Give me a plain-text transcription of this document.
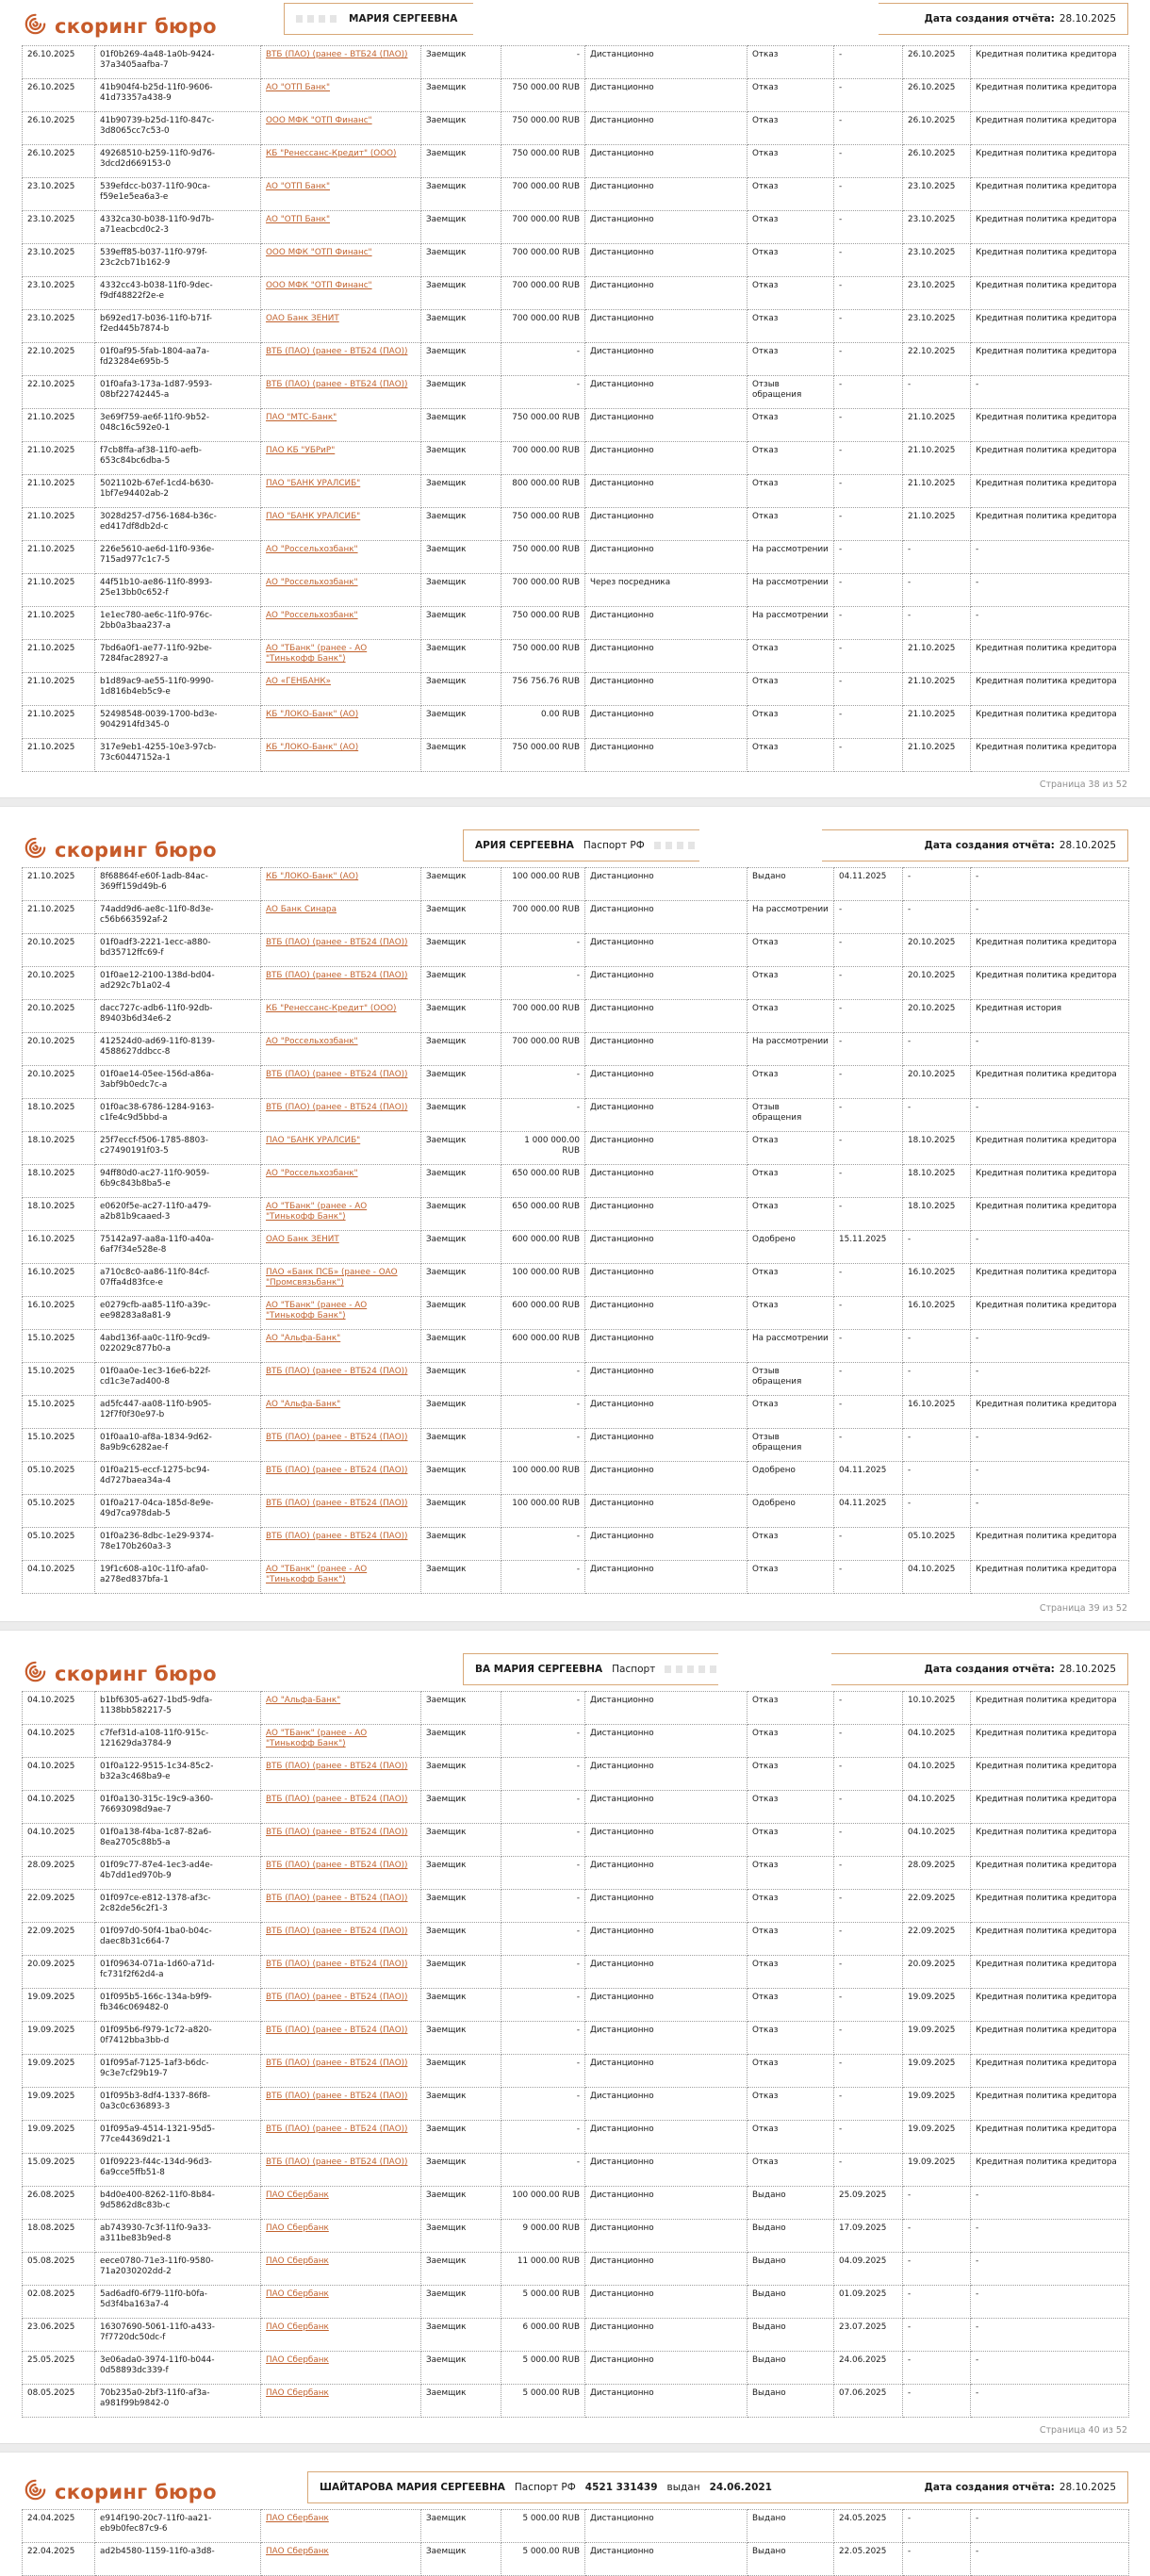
скоринг бюро	МАРИЯ СЕРГЕЕВНА	Дата создания отчёта: 28.10.2025
26.10.2025	01f0b269-4a48-1a0b-9424-37a3405aafba-7	ВТБ (ПАО) (ранее - ВТБ24 (ПАО))	Заемщик	-	Дистанционно	Отказ	-	26.10.2025	Кредитная политика кредитора
26.10.2025	41b904f4-b25d-11f0-9606-41d73357a438-9	АО "ОТП Банк"	Заемщик	750 000.00 RUB	Дистанционно	Отказ	-	26.10.2025	Кредитная политика кредитора
26.10.2025	41b90739-b25d-11f0-847c-3d8065cc7c53-0	ООО МФК "ОТП Финанс"	Заемщик	750 000.00 RUB	Дистанционно	Отказ	-	26.10.2025	Кредитная политика кредитора
26.10.2025	49268510-b259-11f0-9d76-3dcd2d669153-0	КБ "Ренессанс-Кредит" (ООО)	Заемщик	750 000.00 RUB	Дистанционно	Отказ	-	26.10.2025	Кредитная политика кредитора
23.10.2025	539efdcc-b037-11f0-90ca-f59e1e5ea6a3-e	АО "ОТП Банк"	Заемщик	700 000.00 RUB	Дистанционно	Отказ	-	23.10.2025	Кредитная политика кредитора
23.10.2025	4332ca30-b038-11f0-9d7b-a71eacbcd0c2-3	АО "ОТП Банк"	Заемщик	700 000.00 RUB	Дистанционно	Отказ	-	23.10.2025	Кредитная политика кредитора
23.10.2025	539eff85-b037-11f0-979f-23c2cb71b162-9	ООО МФК "ОТП Финанс"	Заемщик	700 000.00 RUB	Дистанционно	Отказ	-	23.10.2025	Кредитная политика кредитора
23.10.2025	4332cc43-b038-11f0-9dec-f9df48822f2e-e	ООО МФК "ОТП Финанс"	Заемщик	700 000.00 RUB	Дистанционно	Отказ	-	23.10.2025	Кредитная политика кредитора
23.10.2025	b692ed17-b036-11f0-b71f-f2ed445b7874-b	ОАО Банк ЗЕНИТ	Заемщик	700 000.00 RUB	Дистанционно	Отказ	-	23.10.2025	Кредитная политика кредитора
22.10.2025	01f0af95-5fab-1804-aa7a-fd23284e695b-5	ВТБ (ПАО) (ранее - ВТБ24 (ПАО))	Заемщик	-	Дистанционно	Отказ	-	22.10.2025	Кредитная политика кредитора
22.10.2025	01f0afa3-173a-1d87-9593-08bf22742445-a	ВТБ (ПАО) (ранее - ВТБ24 (ПАО))	Заемщик	-	Дистанционно	Отзыв обращения	-	-	-
21.10.2025	3e69f759-ae6f-11f0-9b52-048c16c592e0-1	ПАО "МТС-Банк"	Заемщик	750 000.00 RUB	Дистанционно	Отказ	-	21.10.2025	Кредитная политика кредитора
21.10.2025	f7cb8ffa-af38-11f0-aefb-653c84bc6dba-5	ПАО КБ "УБРиР"	Заемщик	700 000.00 RUB	Дистанционно	Отказ	-	21.10.2025	Кредитная политика кредитора
21.10.2025	5021102b-67ef-1cd4-b630-1bf7e94402ab-2	ПАО "БАНК УРАЛСИБ"	Заемщик	800 000.00 RUB	Дистанционно	Отказ	-	21.10.2025	Кредитная политика кредитора
21.10.2025	3028d257-d756-1684-b36c-ed417df8db2d-c	ПАО "БАНК УРАЛСИБ"	Заемщик	750 000.00 RUB	Дистанционно	Отказ	-	21.10.2025	Кредитная политика кредитора
21.10.2025	226e5610-ae6d-11f0-936e-715ad977c1c7-5	АО "Россельхозбанк"	Заемщик	750 000.00 RUB	Дистанционно	На рассмотрении	-	-	-
21.10.2025	44f51b10-ae86-11f0-8993-25e13bb0c652-f	АО "Россельхозбанк"	Заемщик	700 000.00 RUB	Через посредника	На рассмотрении	-	-	-
21.10.2025	1e1ec780-ae6c-11f0-976c-2bb0a3baa237-a	АО "Россельхозбанк"	Заемщик	750 000.00 RUB	Дистанционно	На рассмотрении	-	-	-
21.10.2025	7bd6a0f1-ae77-11f0-92be-7284fac28927-a	АО "ТБанк" (ранее - АО "Тинькофф Банк")	Заемщик	750 000.00 RUB	Дистанционно	Отказ	-	21.10.2025	Кредитная политика кредитора
21.10.2025	b1d89ac9-ae55-11f0-9990-1d816b4eb5c9-e	АО «ГЕНБАНК»	Заемщик	756 756.76 RUB	Дистанционно	Отказ	-	21.10.2025	Кредитная политика кредитора
21.10.2025	52498548-0039-1700-bd3e-9042914fd345-0	КБ "ЛОКО-Банк" (АО)	Заемщик	0.00 RUB	Дистанционно	Отказ	-	21.10.2025	Кредитная политика кредитора
21.10.2025	317e9eb1-4255-10e3-97cb-73c60447152a-1	КБ "ЛОКО-Банк" (АО)	Заемщик	750 000.00 RUB	Дистанционно	Отказ	-	21.10.2025	Кредитная политика кредитора
Страница 38 из 52
скоринг бюро	АРИЯ СЕРГЕЕВНА Паспорт РФ	Дата создания отчёта: 28.10.2025
21.10.2025	8f68864f-e60f-1adb-84ac-369ff159d49b-6	КБ "ЛОКО-Банк" (АО)	Заемщик	100 000.00 RUB	Дистанционно	Выдано	04.11.2025	-	-
21.10.2025	74add9d6-ae8c-11f0-8d3e-c56b663592af-2	АО Банк Синара	Заемщик	700 000.00 RUB	Дистанционно	На рассмотрении	-	-	-
20.10.2025	01f0adf3-2221-1ecc-a880-bd35712ffc69-f	ВТБ (ПАО) (ранее - ВТБ24 (ПАО))	Заемщик	-	Дистанционно	Отказ	-	20.10.2025	Кредитная политика кредитора
20.10.2025	01f0ae12-2100-138d-bd04-ad292c7b1a02-4	ВТБ (ПАО) (ранее - ВТБ24 (ПАО))	Заемщик	-	Дистанционно	Отказ	-	20.10.2025	Кредитная политика кредитора
20.10.2025	dacc727c-adb6-11f0-92db-89403b6d34e6-2	КБ "Ренессанс-Кредит" (ООО)	Заемщик	700 000.00 RUB	Дистанционно	Отказ	-	20.10.2025	Кредитная история
20.10.2025	412524d0-ad69-11f0-8139-4588627ddbcc-8	АО "Россельхозбанк"	Заемщик	700 000.00 RUB	Дистанционно	На рассмотрении	-	-	-
20.10.2025	01f0ae14-05ee-156d-a86a-3abf9b0edc7c-a	ВТБ (ПАО) (ранее - ВТБ24 (ПАО))	Заемщик	-	Дистанционно	Отказ	-	20.10.2025	Кредитная политика кредитора
18.10.2025	01f0ac38-6786-1284-9163-c1fe4c9d5bbd-a	ВТБ (ПАО) (ранее - ВТБ24 (ПАО))	Заемщик	-	Дистанционно	Отзыв обращения	-	-	-
18.10.2025	25f7eccf-f506-1785-8803-c27490191f03-5	ПАО "БАНК УРАЛСИБ"	Заемщик	1 000 000.00 RUB	Дистанционно	Отказ	-	18.10.2025	Кредитная политика кредитора
18.10.2025	94ff80d0-ac27-11f0-9059-6b9c843b8ba5-e	АО "Россельхозбанк"	Заемщик	650 000.00 RUB	Дистанционно	Отказ	-	18.10.2025	Кредитная политика кредитора
18.10.2025	e0620f5e-ac27-11f0-a479-a2b81b9caaed-3	АО "ТБанк" (ранее - АО "Тинькофф Банк")	Заемщик	650 000.00 RUB	Дистанционно	Отказ	-	18.10.2025	Кредитная политика кредитора
16.10.2025	75142a97-aa8a-11f0-a40a-6af7f34e528e-8	ОАО Банк ЗЕНИТ	Заемщик	600 000.00 RUB	Дистанционно	Одобрено	15.11.2025	-	-
16.10.2025	a710c8c0-aa86-11f0-84cf-07ffa4d83fce-e	ПАО «Банк ПСБ» (ранее - ОАО "Промсвязьбанк")	Заемщик	100 000.00 RUB	Дистанционно	Отказ	-	16.10.2025	Кредитная политика кредитора
16.10.2025	e0279cfb-aa85-11f0-a39c-ee98283a8a81-9	АО "ТБанк" (ранее - АО "Тинькофф Банк")	Заемщик	600 000.00 RUB	Дистанционно	Отказ	-	16.10.2025	Кредитная политика кредитора
15.10.2025	4abd136f-aa0c-11f0-9cd9-022029c877b0-a	АО "Альфа-Банк"	Заемщик	600 000.00 RUB	Дистанционно	На рассмотрении	-	-	-
15.10.2025	01f0aa0e-1ec3-16e6-b22f-cd1c3e7ad400-8	ВТБ (ПАО) (ранее - ВТБ24 (ПАО))	Заемщик	-	Дистанционно	Отзыв обращения	-	-	-
15.10.2025	ad5fc447-aa08-11f0-b905-12f7f0f30e97-b	АО "Альфа-Банк"	Заемщик	-	Дистанционно	Отказ	-	16.10.2025	Кредитная политика кредитора
15.10.2025	01f0aa10-af8a-1834-9d62-8a9b9c6282ae-f	ВТБ (ПАО) (ранее - ВТБ24 (ПАО))	Заемщик	-	Дистанционно	Отзыв обращения	-	-	-
05.10.2025	01f0a215-eccf-1275-bc94-4d727baea34a-4	ВТБ (ПАО) (ранее - ВТБ24 (ПАО))	Заемщик	100 000.00 RUB	Дистанционно	Одобрено	04.11.2025	-	-
05.10.2025	01f0a217-04ca-185d-8e9e-49d7ca978dab-5	ВТБ (ПАО) (ранее - ВТБ24 (ПАО))	Заемщик	100 000.00 RUB	Дистанционно	Одобрено	04.11.2025	-	-
05.10.2025	01f0a236-8dbc-1e29-9374-78e170b260a3-3	ВТБ (ПАО) (ранее - ВТБ24 (ПАО))	Заемщик	-	Дистанционно	Отказ	-	05.10.2025	Кредитная политика кредитора
04.10.2025	19f1c608-a10c-11f0-afa0-a278ed837bfa-1	АО "ТБанк" (ранее - АО "Тинькофф Банк")	Заемщик	-	Дистанционно	Отказ	-	04.10.2025	Кредитная политика кредитора
Страница 39 из 52
скоринг бюро	ВА МАРИЯ СЕРГЕЕВНА Паспорт	Дата создания отчёта: 28.10.2025
04.10.2025	b1bf6305-a627-1bd5-9dfa-1138bb582217-5	АО "Альфа-Банк"	Заемщик	-	Дистанционно	Отказ	-	10.10.2025	Кредитная политика кредитора
04.10.2025	c7fef31d-a108-11f0-915c-121629da3784-9	АО "ТБанк" (ранее - АО "Тинькофф Банк")	Заемщик	-	Дистанционно	Отказ	-	04.10.2025	Кредитная политика кредитора
04.10.2025	01f0a122-9515-1c34-85c2-b32a3c468ba9-e	ВТБ (ПАО) (ранее - ВТБ24 (ПАО))	Заемщик	-	Дистанционно	Отказ	-	04.10.2025	Кредитная политика кредитора
04.10.2025	01f0a130-315c-19c9-a360-76693098d9ae-7	ВТБ (ПАО) (ранее - ВТБ24 (ПАО))	Заемщик	-	Дистанционно	Отказ	-	04.10.2025	Кредитная политика кредитора
04.10.2025	01f0a138-f4ba-1c87-82a6-8ea2705c88b5-a	ВТБ (ПАО) (ранее - ВТБ24 (ПАО))	Заемщик	-	Дистанционно	Отказ	-	04.10.2025	Кредитная политика кредитора
28.09.2025	01f09c77-87e4-1ec3-ad4e-4b7dd1ed970b-9	ВТБ (ПАО) (ранее - ВТБ24 (ПАО))	Заемщик	-	Дистанционно	Отказ	-	28.09.2025	Кредитная политика кредитора
22.09.2025	01f097ce-e812-1378-af3c-2c82de56c2f1-3	ВТБ (ПАО) (ранее - ВТБ24 (ПАО))	Заемщик	-	Дистанционно	Отказ	-	22.09.2025	Кредитная политика кредитора
22.09.2025	01f097d0-50f4-1ba0-b04c-daec8b31c664-7	ВТБ (ПАО) (ранее - ВТБ24 (ПАО))	Заемщик	-	Дистанционно	Отказ	-	22.09.2025	Кредитная политика кредитора
20.09.2025	01f09634-071a-1d60-a71d-fc731f2f62d4-a	ВТБ (ПАО) (ранее - ВТБ24 (ПАО))	Заемщик	-	Дистанционно	Отказ	-	20.09.2025	Кредитная политика кредитора
19.09.2025	01f095b5-166c-134a-b9f9-fb346c069482-0	ВТБ (ПАО) (ранее - ВТБ24 (ПАО))	Заемщик	-	Дистанционно	Отказ	-	19.09.2025	Кредитная политика кредитора
19.09.2025	01f095b6-f979-1c72-a820-0f7412bba3bb-d	ВТБ (ПАО) (ранее - ВТБ24 (ПАО))	Заемщик	-	Дистанционно	Отказ	-	19.09.2025	Кредитная политика кредитора
19.09.2025	01f095af-7125-1af3-b6dc-9c3e7cf29b19-7	ВТБ (ПАО) (ранее - ВТБ24 (ПАО))	Заемщик	-	Дистанционно	Отказ	-	19.09.2025	Кредитная политика кредитора
19.09.2025	01f095b3-8df4-1337-86f8-0a3c0c636893-3	ВТБ (ПАО) (ранее - ВТБ24 (ПАО))	Заемщик	-	Дистанционно	Отказ	-	19.09.2025	Кредитная политика кредитора
19.09.2025	01f095a9-4514-1321-95d5-77ce44369d21-1	ВТБ (ПАО) (ранее - ВТБ24 (ПАО))	Заемщик	-	Дистанционно	Отказ	-	19.09.2025	Кредитная политика кредитора
15.09.2025	01f09223-f44c-134d-96d3-6a9cce5ffb51-8	ВТБ (ПАО) (ранее - ВТБ24 (ПАО))	Заемщик	-	Дистанционно	Отказ	-	19.09.2025	Кредитная политика кредитора
26.08.2025	b4d0e400-8262-11f0-8b84-9d5862d8c83b-c	ПАО Сбербанк	Заемщик	100 000.00 RUB	Дистанционно	Выдано	25.09.2025	-	-
18.08.2025	ab743930-7c3f-11f0-9a33-a311be83b9ed-8	ПАО Сбербанк	Заемщик	9 000.00 RUB	Дистанционно	Выдано	17.09.2025	-	-
05.08.2025	eece0780-71e3-11f0-9580-71a2030202dd-2	ПАО Сбербанк	Заемщик	11 000.00 RUB	Дистанционно	Выдано	04.09.2025	-	-
02.08.2025	5ad6adf0-6f79-11f0-b0fa-5d3f4ba163a7-4	ПАО Сбербанк	Заемщик	5 000.00 RUB	Дистанционно	Выдано	01.09.2025	-	-
23.06.2025	16307690-5061-11f0-a433-7f7720dc50dc-f	ПАО Сбербанк	Заемщик	6 000.00 RUB	Дистанционно	Выдано	23.07.2025	-	-
25.05.2025	3e06ada0-3974-11f0-b044-0d58893dc339-f	ПАО Сбербанк	Заемщик	5 000.00 RUB	Дистанционно	Выдано	24.06.2025	-	-
08.05.2025	70b235a0-2bf3-11f0-af3a-a981f99b9842-0	ПАО Сбербанк	Заемщик	5 000.00 RUB	Дистанционно	Выдано	07.06.2025	-	-
Страница 40 из 52
скоринг бюро	ШАЙТАРОВА МАРИЯ СЕРГЕЕВНА Паспорт РФ 4521 331439 выдан 24.06.2021	Дата создания отчёта: 28.10.2025
24.04.2025	e914f190-20c7-11f0-aa21-eb9b0fec87c9-6	ПАО Сбербанк	Заемщик	5 000.00 RUB	Дистанционно	Выдано	24.05.2025	-	-
22.04.2025	ad2b4580-1159-11f0-a3d8-	ПАО Сбербанк	Заемщик	5 000.00 RUB	Дистанционно	Выдано	22.05.2025	-	-
